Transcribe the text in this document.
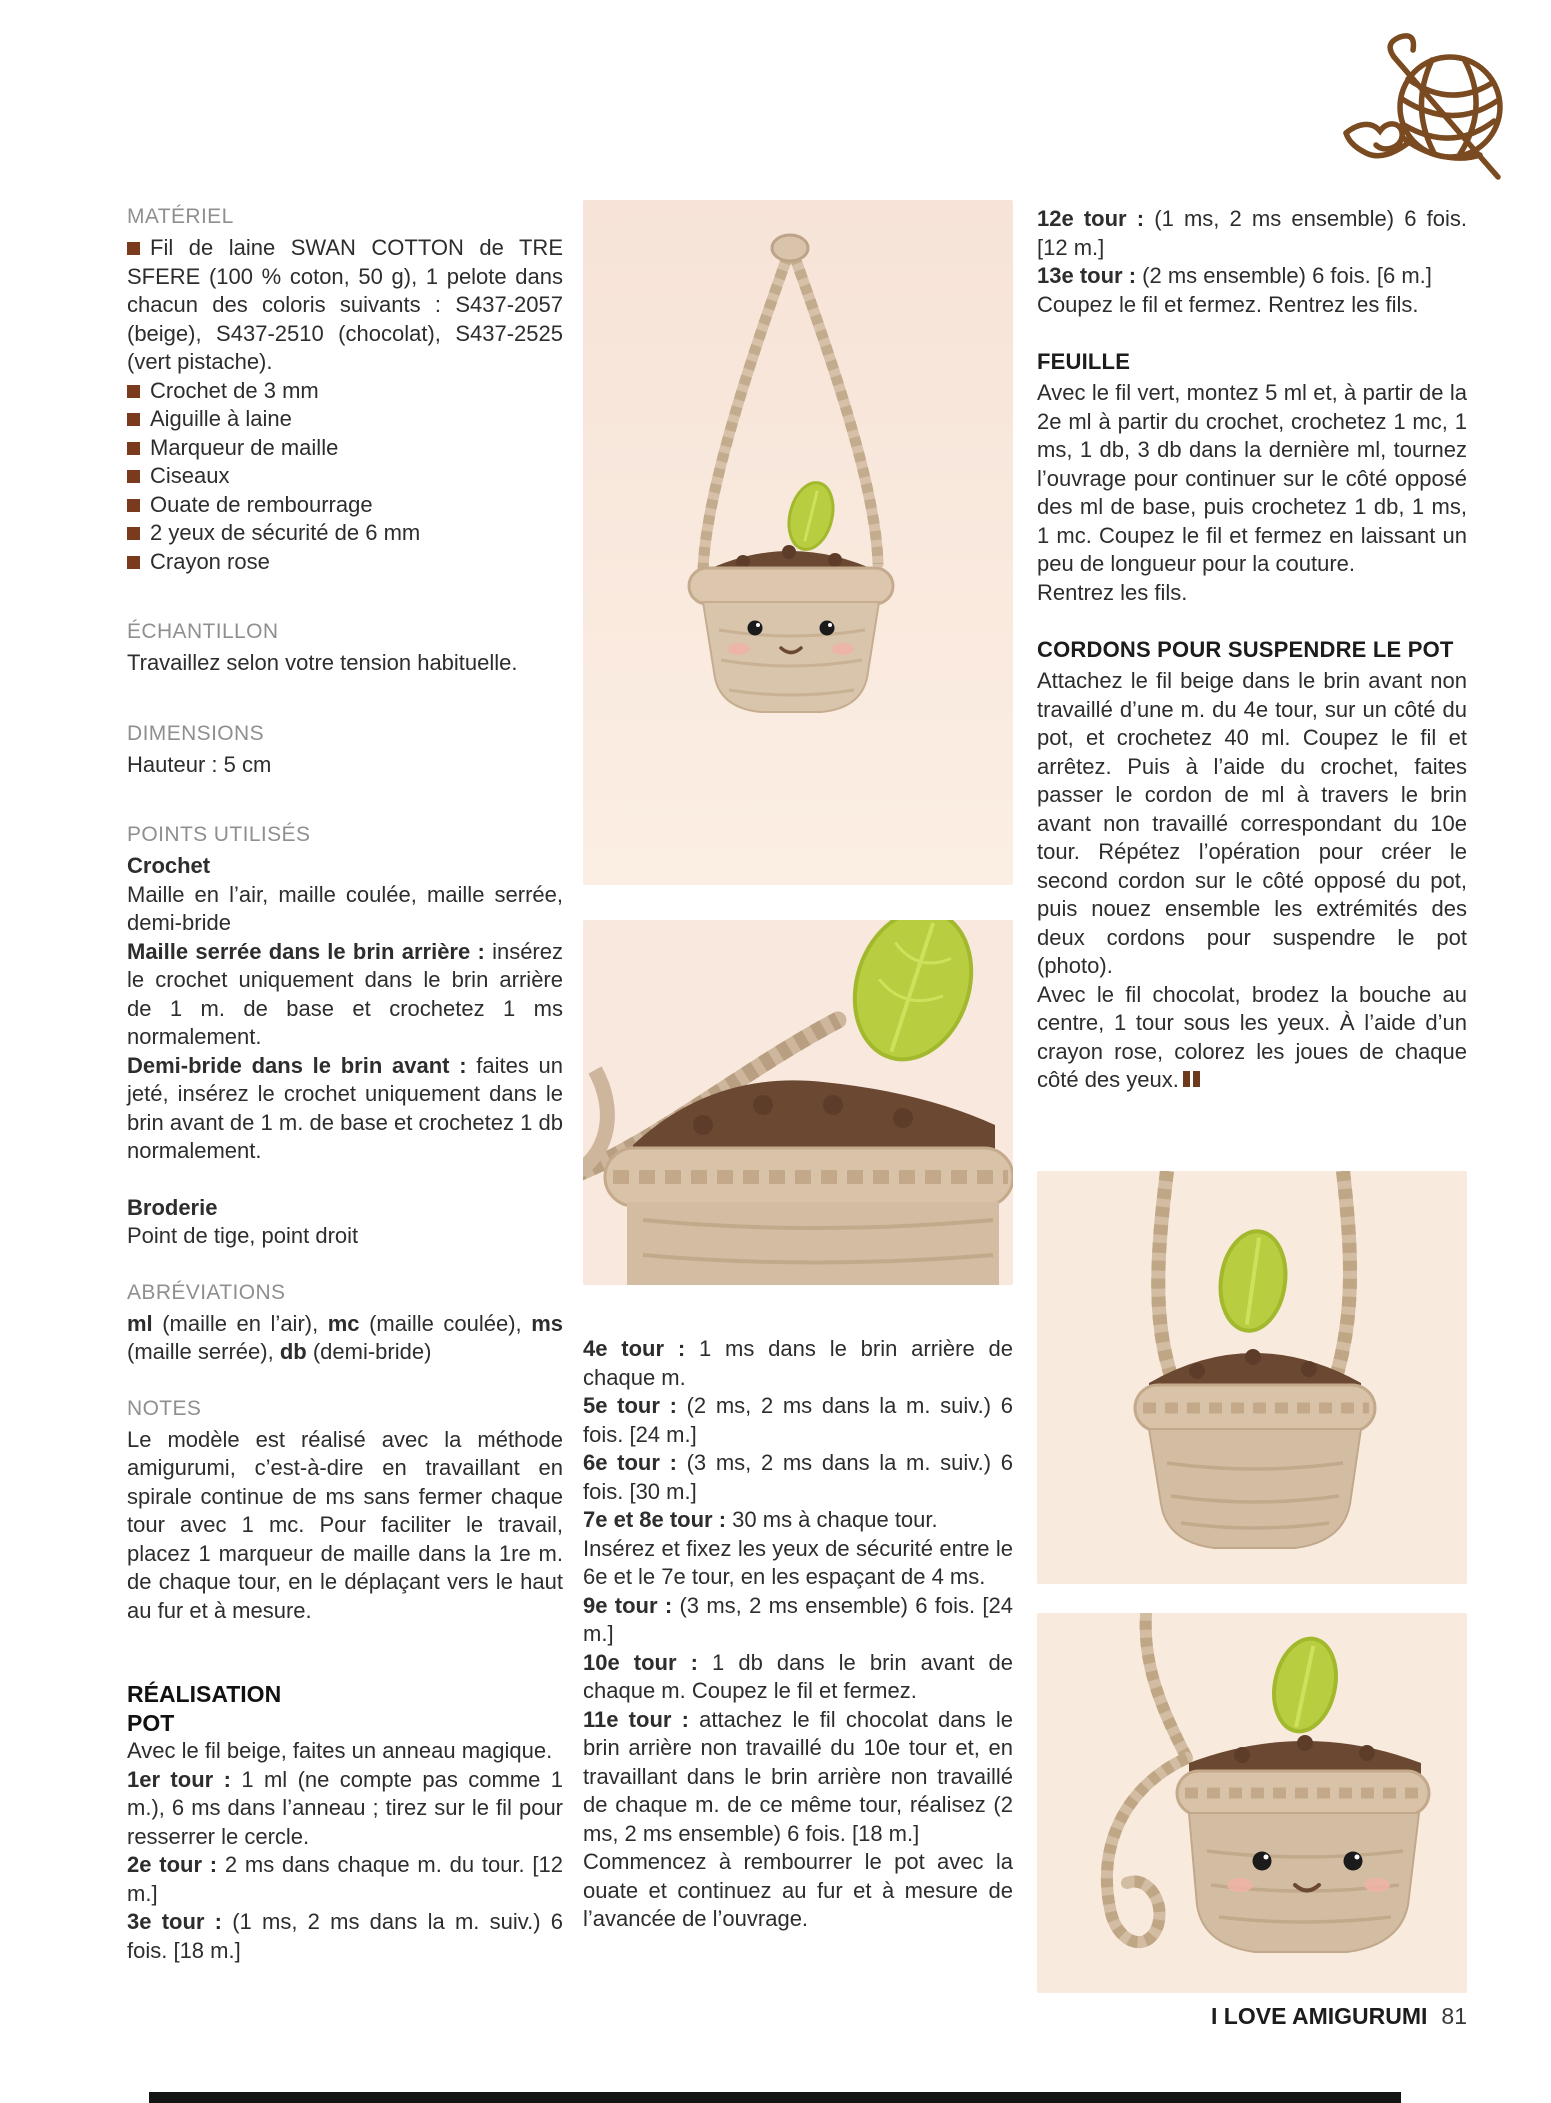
MATÉRIEL

Fil de laine SWAN COTTON de TRE SFERE (100 % coton, 50 g), 1 pelote dans chacun des coloris suivants : S437-2057 (beige), S437-2510 (chocolat), S437-2525 (vert pistache).

Crochet de 3 mm

Aiguille à laine

Marqueur de maille

Ciseaux

Ouate de rembourrage

2 yeux de sécurité de 6 mm

Crayon rose

ÉCHANTILLON

Travaillez selon votre tension habituelle.

DIMENSIONS

Hauteur : 5 cm

POINTS UTILISÉS

Crochet

Maille en l’air, maille coulée, maille serrée, demi-bride

Maille serrée dans le brin arrière : insérez le crochet uniquement dans le brin arrière de 1 m. de base et crochetez 1 ms normalement.

Demi-bride dans le brin avant : faites un jeté, insérez le crochet uniquement dans le brin avant de 1 m. de base et crochetez 1 db normalement.

Broderie

Point de tige, point droit

ABRÉVIATIONS

ml (maille en l’air), mc (maille coulée), ms (maille serrée), db (demi-bride)

NOTES

Le modèle est réalisé avec la méthode amigurumi, c’est-à-dire en travaillant en spirale continue de ms sans fermer chaque tour avec 1 mc. Pour faciliter le travail, placez 1 marqueur de maille dans la 1re m. de chaque tour, en le déplaçant vers le haut au fur et à mesure.

RÉALISATION
POT

Avec le fil beige, faites un anneau magique.

1er tour : 1 ml (ne compte pas comme 1 m.), 6 ms dans l’anneau ; tirez sur le fil pour resserrer le cercle.

2e tour : 2 ms dans chaque m. du tour. [12 m.]

3e tour : (1 ms, 2 ms dans la m. suiv.) 6 fois. [18 m.]

4e tour : 1 ms dans le brin arrière de chaque m.

5e tour : (2 ms, 2 ms dans la m. suiv.) 6 fois. [24 m.]

6e tour : (3 ms, 2 ms dans la m. suiv.) 6 fois. [30 m.]

7e et 8e tour : 30 ms à chaque tour.

Insérez et fixez les yeux de sécurité entre le 6e et le 7e tour, en les espaçant de 4 ms.

9e tour : (3 ms, 2 ms ensemble) 6 fois. [24 m.]

10e tour : 1 db dans le brin avant de chaque m. Coupez le fil et fermez.

11e tour : attachez le fil chocolat dans le brin arrière non travaillé du 10e tour et, en travaillant dans le brin arrière non travaillé de chaque m. de ce même tour, réalisez (2 ms, 2 ms ensemble) 6 fois. [18 m.]

Commencez à rembourrer le pot avec la ouate et continuez au fur et à mesure de l’avancée de l’ouvrage.

12e tour : (1 ms, 2 ms ensemble) 6 fois. [12 m.]

13e tour : (2 ms ensemble) 6 fois. [6 m.]

Coupez le fil et fermez. Rentrez les fils.

FEUILLE

Avec le fil vert, montez 5 ml et, à partir de la 2e ml à partir du crochet, crochetez 1 mc, 1 ms, 1 db, 3 db dans la dernière ml, tournez l’ouvrage pour continuer sur le côté opposé des ml de base, puis crochetez 1 db, 1 ms, 1 mc. Coupez le fil et fermez en laissant un peu de longueur pour la couture.

Rentrez les fils.

CORDONS POUR SUSPENDRE LE POT

Attachez le fil beige dans le brin avant non travaillé d’une m. du 4e tour, sur un côté du pot, et crochetez 40 ml. Coupez le fil et arrêtez. Puis à l’aide du crochet, faites passer le cordon de ml à travers le brin avant non travaillé correspondant du 10e tour. Répétez l’opération pour créer le second cordon sur le côté opposé du pot, puis nouez ensemble les extrémités des deux cordons pour suspendre le pot (photo).

Avec le fil chocolat, brodez la bouche au centre, 1 tour sous les yeux. À l’aide d’un crayon rose, colorez les joues de chaque côté des yeux.

I LOVE AMIGURUMI 81
